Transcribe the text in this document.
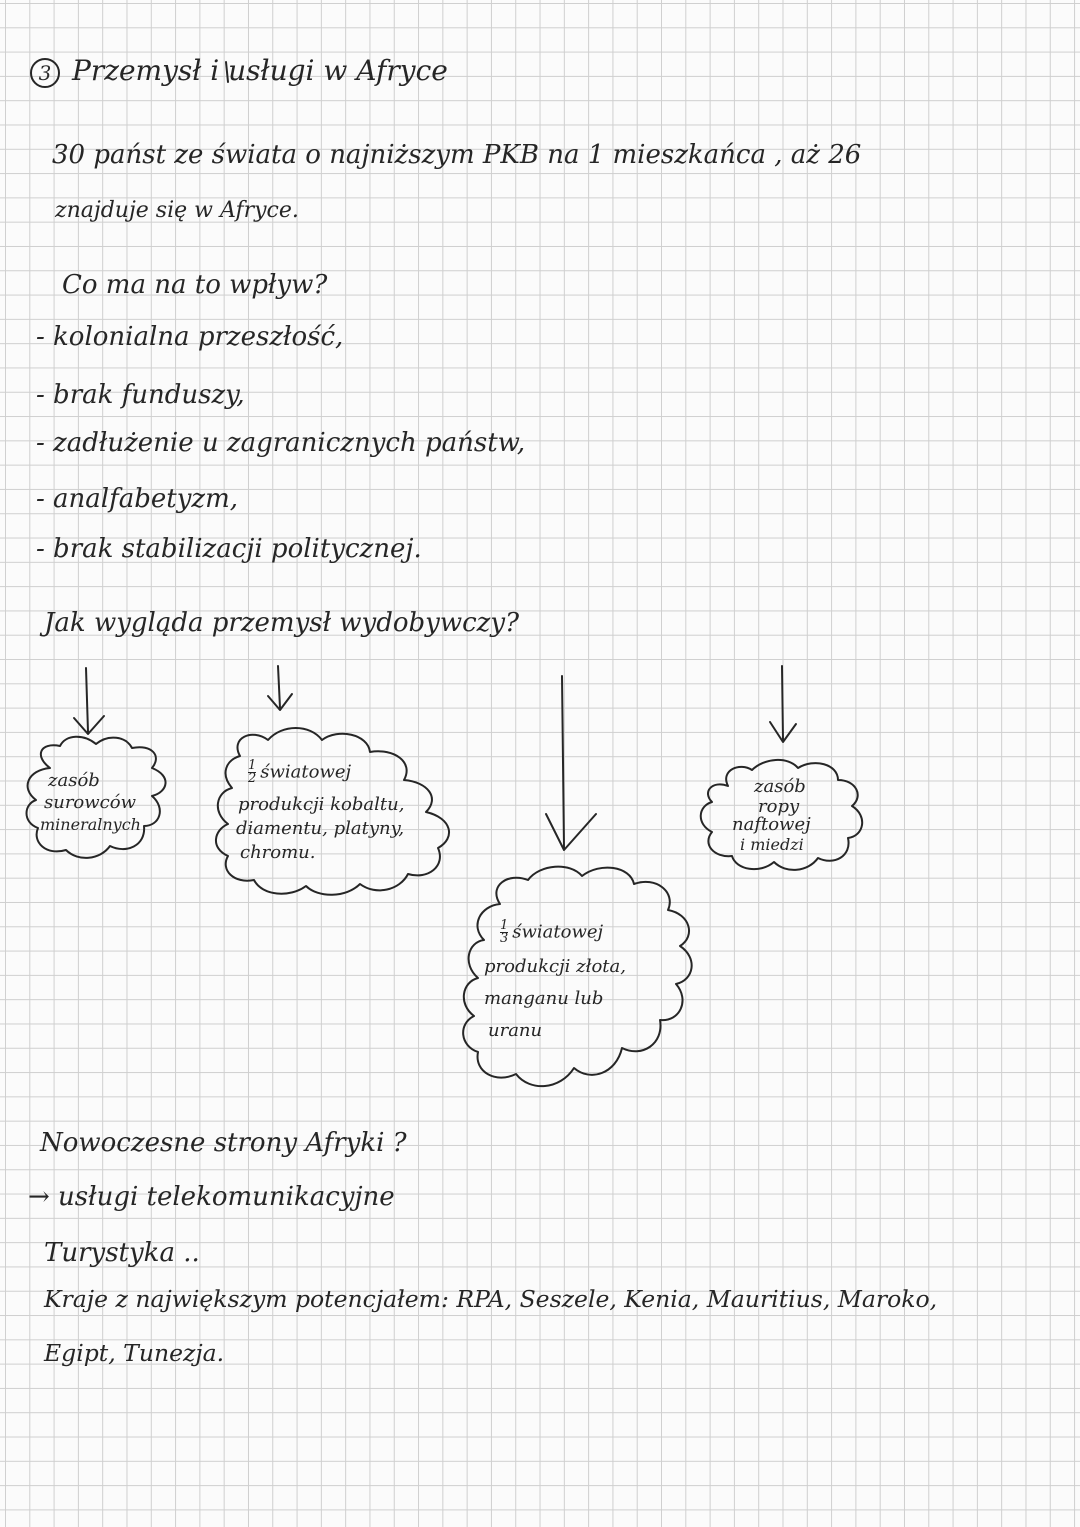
3 Przemysł i usługi w Afryce
30 państ ze świata o najniższym PKB na 1 mieszkańca , aż 26
znajduje się w Afryce.
Co ma na to wpływ?
- kolonialna przeszłość,
- brak funduszy,
- zadłużenie u zagranicznych państw,
- analfabetyzm,
- brak stabilizacji politycznej.
Jak wygląda przemysł wydobywczy?
zasób
surowców
mineralnych
$\frac{1}{2}$ światowej
produkcji kobaltu,
diamentu, platyny,
chromu.
$\frac{1}{3}$ światowej
produkcji złota,
manganu lub
uranu
zasób
ropy
naftowej
i miedzi
Nowoczesne strony Afryki ?
→ usługi telekomunikacyjne
Turystyka ..
Kraje z największym potencjałem: RPA, Seszele, Kenia, Mauritius, Maroko,
Egipt, Tunezja.
